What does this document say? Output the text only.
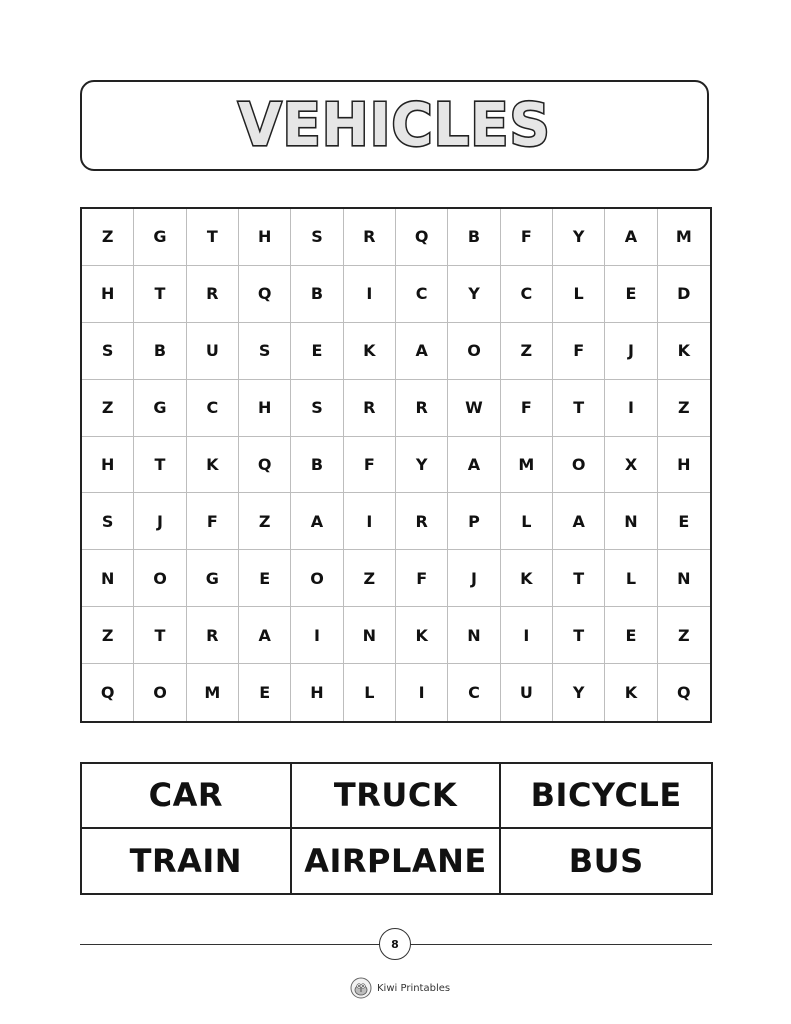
VEHICLES
Z	G	T	H	S	R	Q	B	F	Y	A	M
H	T	R	Q	B	I	C	Y	C	L	E	D
S	B	U	S	E	K	A	O	Z	F	J	K
Z	G	C	H	S	R	R	W	F	T	I	Z
H	T	K	Q	B	F	Y	A	M	O	X	H
S	J	F	Z	A	I	R	P	L	A	N	E
N	O	G	E	O	Z	F	J	K	T	L	N
Z	T	R	A	I	N	K	N	I	T	E	Z
Q	O	M	E	H	L	I	C	U	Y	K	Q
CAR	TRUCK	BICYCLE
TRAIN	AIRPLANE	BUS
8
Kiwi Printables
